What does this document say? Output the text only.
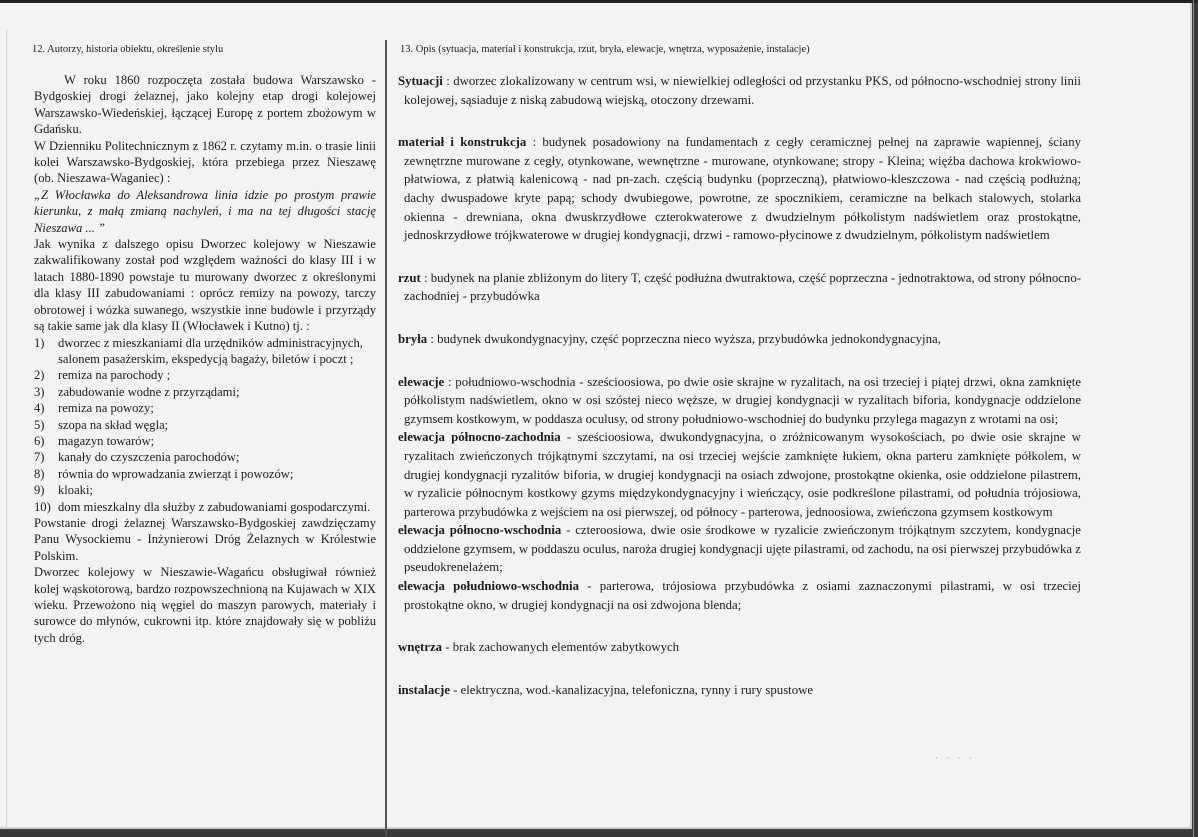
12. Autorzy, historia obiektu, określenie stylu	13. Opis (sytuacja, materiał i konstrukcja, rzut, bryła, elewacje, wnętrza, wyposażenie, instalacje)

W roku 1860 rozpoczęta została budowa Warszawsko - Bydgoskiej drogi żelaznej, jako kolejny etap drogi kolejowej Warszawsko-Wiedeńskiej, łączącej Europę z portem zbożowym w Gdańsku.

W Dzienniku Politechnicznym z 1862 r. czytamy m.in. o trasie linii kolei Warszawsko-Bydgoskiej, która przebiega przez Nieszawę (ob. Nieszawa-Waganiec) :

„Z Włocławka do Aleksandrowa linia idzie po prostym prawie kierunku, z małą zmianą nachyleń, i ma na tej długości stację Nieszawa ... ”

Jak wynika z dalszego opisu Dworzec kolejowy w Nieszawie zakwalifikowany został pod względem ważności do klasy III i w latach 1880-1890 powstaje tu murowany dworzec z określonymi dla klasy III zabudowaniami : oprócz remizy na powozy, tarczy obrotowej i wózka suwanego, wszystkie inne budowle i przyrządy są takie same jak dla klasy II (Włocławek i Kutno) tj. :

1)	dworzec z mieszkaniami dla urzędników administracyjnych, salonem pasażerskim, ekspedycją bagaży, biletów i poczt ;
2)	remiza na parochody ;
3)	zabudowanie wodne z przyrządami;
4)	remiza na powozy;
5)	szopa na skład węgla;
6)	magazyn towarów;
7)	kanały do czyszczenia parochodów;
8)	równia do wprowadzania zwierząt i powozów;
9)	kloaki;
10) dom mieszkalny dla służby z zabudowaniami gospodarczymi.

Powstanie drogi żelaznej Warszawsko-Bydgoskiej zawdzięczamy Panu Wysockiemu - Inżynierowi Dróg Żelaznych w Królestwie Polskim.

Dworzec kolejowy w Nieszawie-Wagańcu obsługiwał również kolej wąskotorową, bardzo rozpowszechnioną na Kujawach w XIX wieku. Przewożono nią węgiel do maszyn parowych, materiały i surowce do młynów, cukrowni itp. które znajdowały się w pobliżu tych dróg.

Sytuacji : dworzec zlokalizowany w centrum wsi, w niewielkiej odległości od przystanku PKS, od północno-wschodniej strony linii kolejowej, sąsiaduje z niską zabudową wiejską, otoczony drzewami.

materiał i konstrukcja : budynek posadowiony na fundamentach z cegły ceramicznej pełnej na zaprawie wapiennej, ściany zewnętrzne murowane z cegły, otynkowane, wewnętrzne - murowane, otynkowane; stropy - Kleina; więźba dachowa krokwiowo-płatwiowa, z płatwią kalenicową - nad pn-zach. częścią budynku (poprzeczną), płatwiowo-kleszczowa - nad częścią podłużną; dachy dwuspadowe kryte papą; schody dwubiegowe, powrotne, ze spocznikiem, ceramiczne na belkach stalowych, stolarka okienna - drewniana, okna dwuskrzydłowe czterokwaterowe z dwudzielnym półkolistym nadświetlem oraz prostokątne, jednoskrzydłowe trójkwaterowe w drugiej kondygnacji, drzwi - ramowo-płycinowe z dwudzielnym, półkolistym nadświetlem

rzut : budynek na planie zbliżonym do litery T, część podłużna dwutraktowa, część poprzeczna - jednotraktowa, od strony północno-zachodniej - przybudówka

bryła : budynek dwukondygnacyjny, część poprzeczna nieco wyższa, przybudówka jednokondygnacyjna,

elewacje : południowo-wschodnia - sześcioosiowa, po dwie osie skrajne w ryzalitach, na osi trzeciej i piątej drzwi, okna zamknięte półkolistym nadświetlem, okno w osi szóstej nieco węższe, w drugiej kondygnacji w ryzalitach biforia, kondygnacje oddzielone gzymsem kostkowym, w poddasza oculusy, od strony południowo-wschodniej do budynku przylega magazyn z wrotami na osi;

elewacja północno-zachodnia - sześcioosiowa, dwukondygnacyjna, o zróżnicowanym wysokościach, po dwie osie skrajne w ryzalitach zwieńczonych trójkątnymi szczytami, na osi trzeciej wejście zamknięte łukiem, okna parteru zamknięte półkolem, w drugiej kondygnacji ryzalitów biforia, w drugiej kondygnacji na osiach zdwojone, prostokątne okienka, osie oddzielone pilastrem, w ryzalicie północnym kostkowy gzyms międzykondygnacyjny i wieńczący, osie podkreślone pilastrami, od południa trójosiowa, parterowa przybudówka z wejściem na osi pierwszej, od północy - parterowa, jednoosiowa, zwieńczona gzymsem kostkowym

elewacja północno-wschodnia - czteroosiowa, dwie osie środkowe w ryzalicie zwieńczonym trójkątnym szczytem, kondygnacje oddzielone gzymsem, w poddaszu oculus, naroża drugiej kondygnacji ujęte pilastrami, od zachodu, na osi pierwszej przybudówka z pseudokrenelażem;

elewacja południowo-wschodnia - parterowa, trójosiowa przybudówka z osiami zaznaczonymi pilastrami, w osi trzeciej prostokątne okno, w drugiej kondygnacji na osi zdwojona blenda;

wnętrza - brak zachowanych elementów zabytkowych

instalacje - elektryczna, wod.-kanalizacyjna, telefoniczna, rynny i rury spustowe

· · · ·
